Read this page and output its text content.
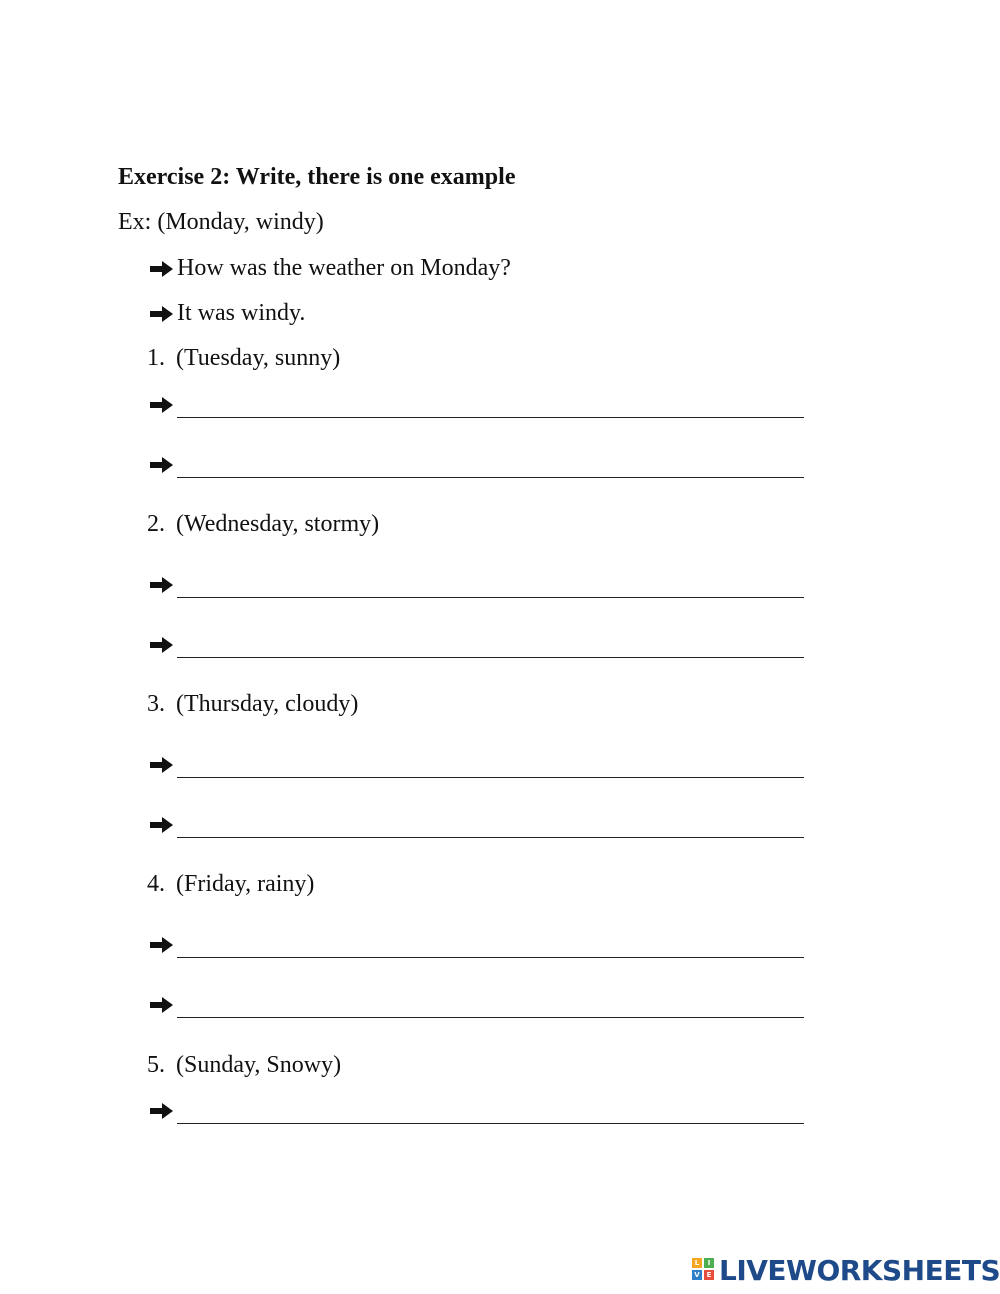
Exercise 2: Write, there is one example
Ex: (Monday, windy)
How was the weather on Monday?
It was windy.
1. (Tuesday, sunny)
2. (Wednesday, stormy)
3. (Thursday, cloudy)
4. (Friday, rainy)
5. (Sunday, Snowy)
L	I
V E LIVEWORKSHEETS
